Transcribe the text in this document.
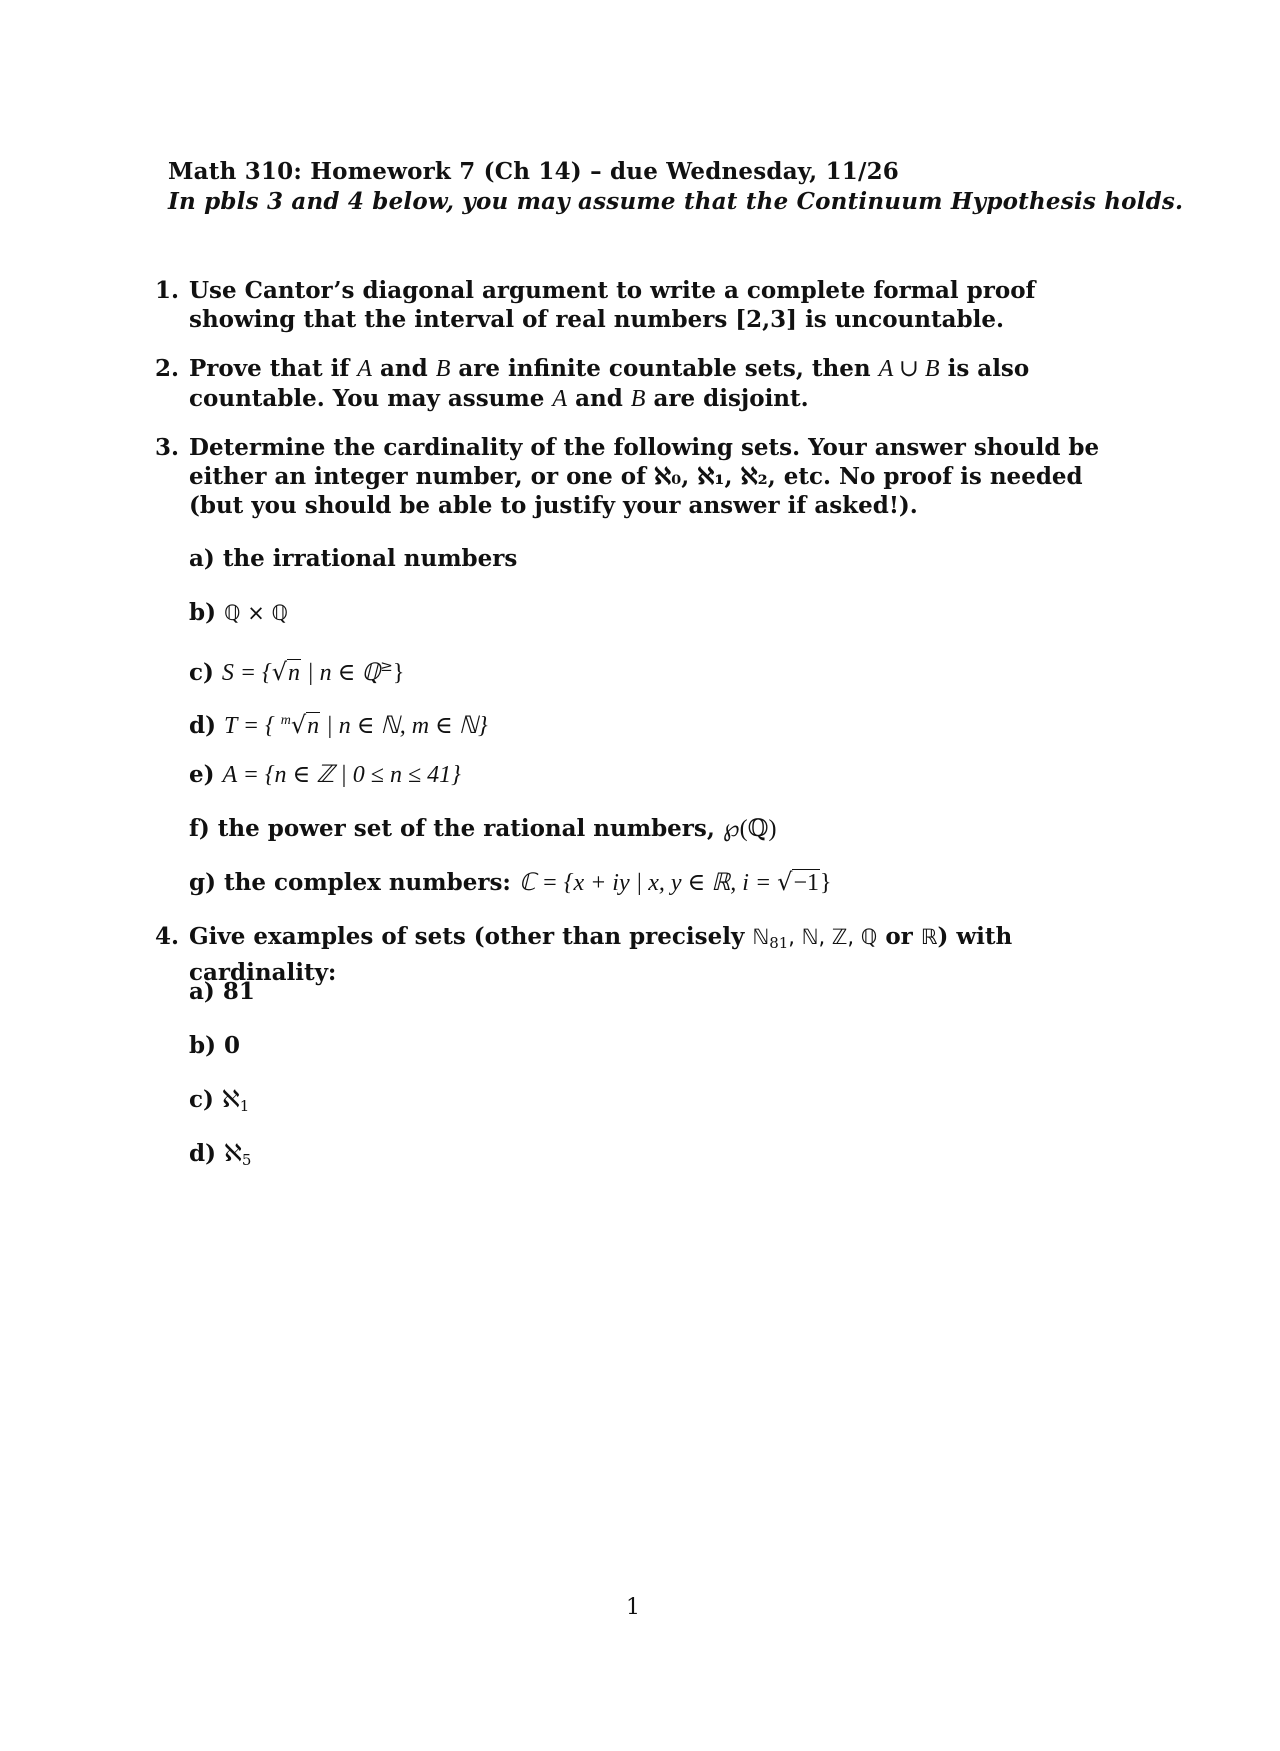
Math 310: Homework 7 (Ch 14) – due Wednesday, 11/26
In pbls 3 and 4 below, you may assume that the Continuum Hypothesis holds.
1. Use Cantor’s diagonal argument to write a complete formal proof showing that the interval of real numbers [2,3] is uncountable.
2. Prove that if A and B are infinite countable sets, then A ∪ B is also countable. You may assume A and B are disjoint.
3. Determine the cardinality of the following sets. Your answer should be either an integer number, or one of ℵ₀, ℵ₁, ℵ₂, etc. No proof is needed (but you should be able to justify your answer if asked!).
a) the irrational numbers
b) ℚ × ℚ
c) S = {√n | n ∈ ℚ≥}
d) T = { $^m$√n | n ∈ ℕ, m ∈ ℕ}
e) A = {n ∈ ℤ | 0 ≤ n ≤ 41}
f) the power set of the rational numbers, ℘(ℚ)
g) the complex numbers: ℂ = {x + iy | x, y ∈ ℝ, i = √−1}
4. Give examples of sets (other than precisely ℕ81, ℕ, ℤ, ℚ or ℝ) with cardinality:
a) 81
b) 0
c) ℵ1
d) ℵ5
1
